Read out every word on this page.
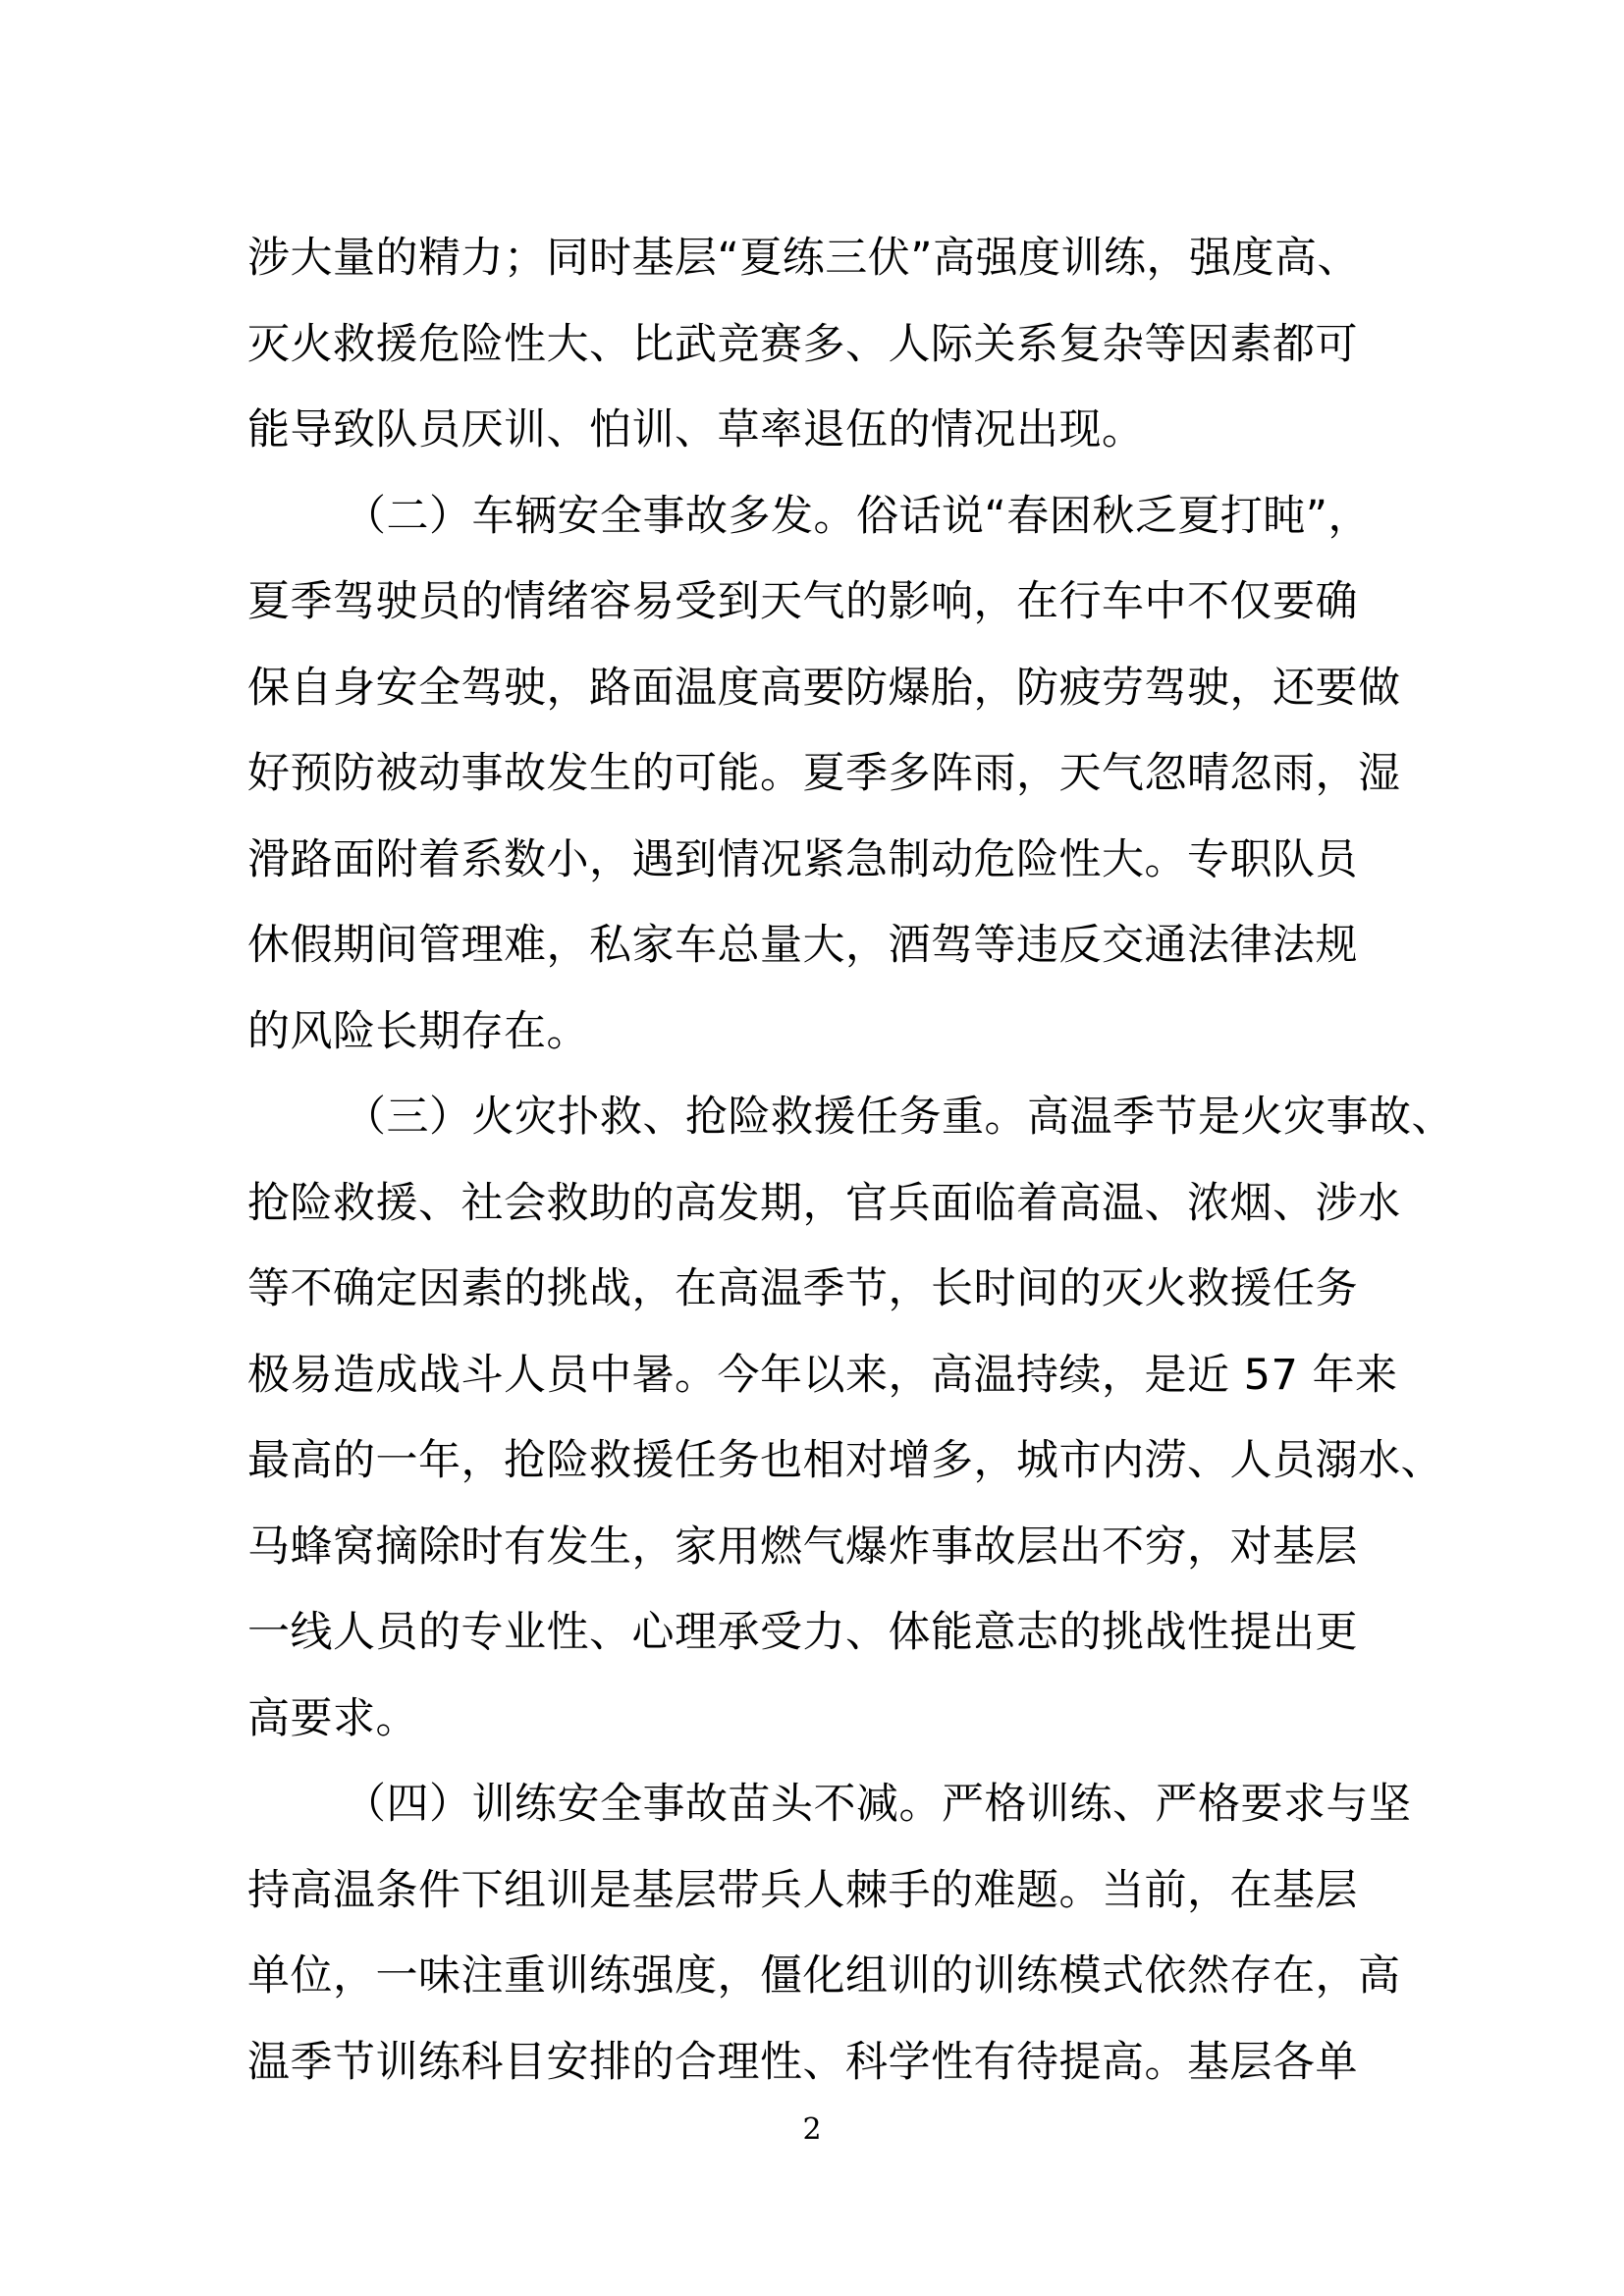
涉大量的精力；同时基层“夏练三伏”高强度训练，强度高、
灭火救援危险性大、比武竞赛多、人际关系复杂等因素都可
能导致队员厌训、怕训、草率退伍的情况出现。
（二）车辆安全事故多发。俗话说“春困秋乏夏打盹”，
夏季驾驶员的情绪容易受到天气的影响，在行车中不仅要确
保自身安全驾驶，路面温度高要防爆胎，防疲劳驾驶，还要做
好预防被动事故发生的可能。夏季多阵雨，天气忽晴忽雨，湿
滑路面附着系数小，遇到情况紧急制动危险性大。专职队员
休假期间管理难，私家车总量大，酒驾等违反交通法律法规
的风险长期存在。
（三）火灾扑救、抢险救援任务重。高温季节是火灾事故、
抢险救援、社会救助的高发期，官兵面临着高温、浓烟、涉水
等不确定因素的挑战，在高温季节，长时间的灭火救援任务
极易造成战斗人员中暑。今年以来，高温持续，是近 57 年来
最高的一年，抢险救援任务也相对增多，城市内涝、人员溺水、
马蜂窝摘除时有发生，家用燃气爆炸事故层出不穷，对基层
一线人员的专业性、心理承受力、体能意志的挑战性提出更
高要求。
（四）训练安全事故苗头不减。严格训练、严格要求与坚
持高温条件下组训是基层带兵人棘手的难题。当前，在基层
单位，一味注重训练强度，僵化组训的训练模式依然存在，高
温季节训练科目安排的合理性、科学性有待提高。基层各单
2
